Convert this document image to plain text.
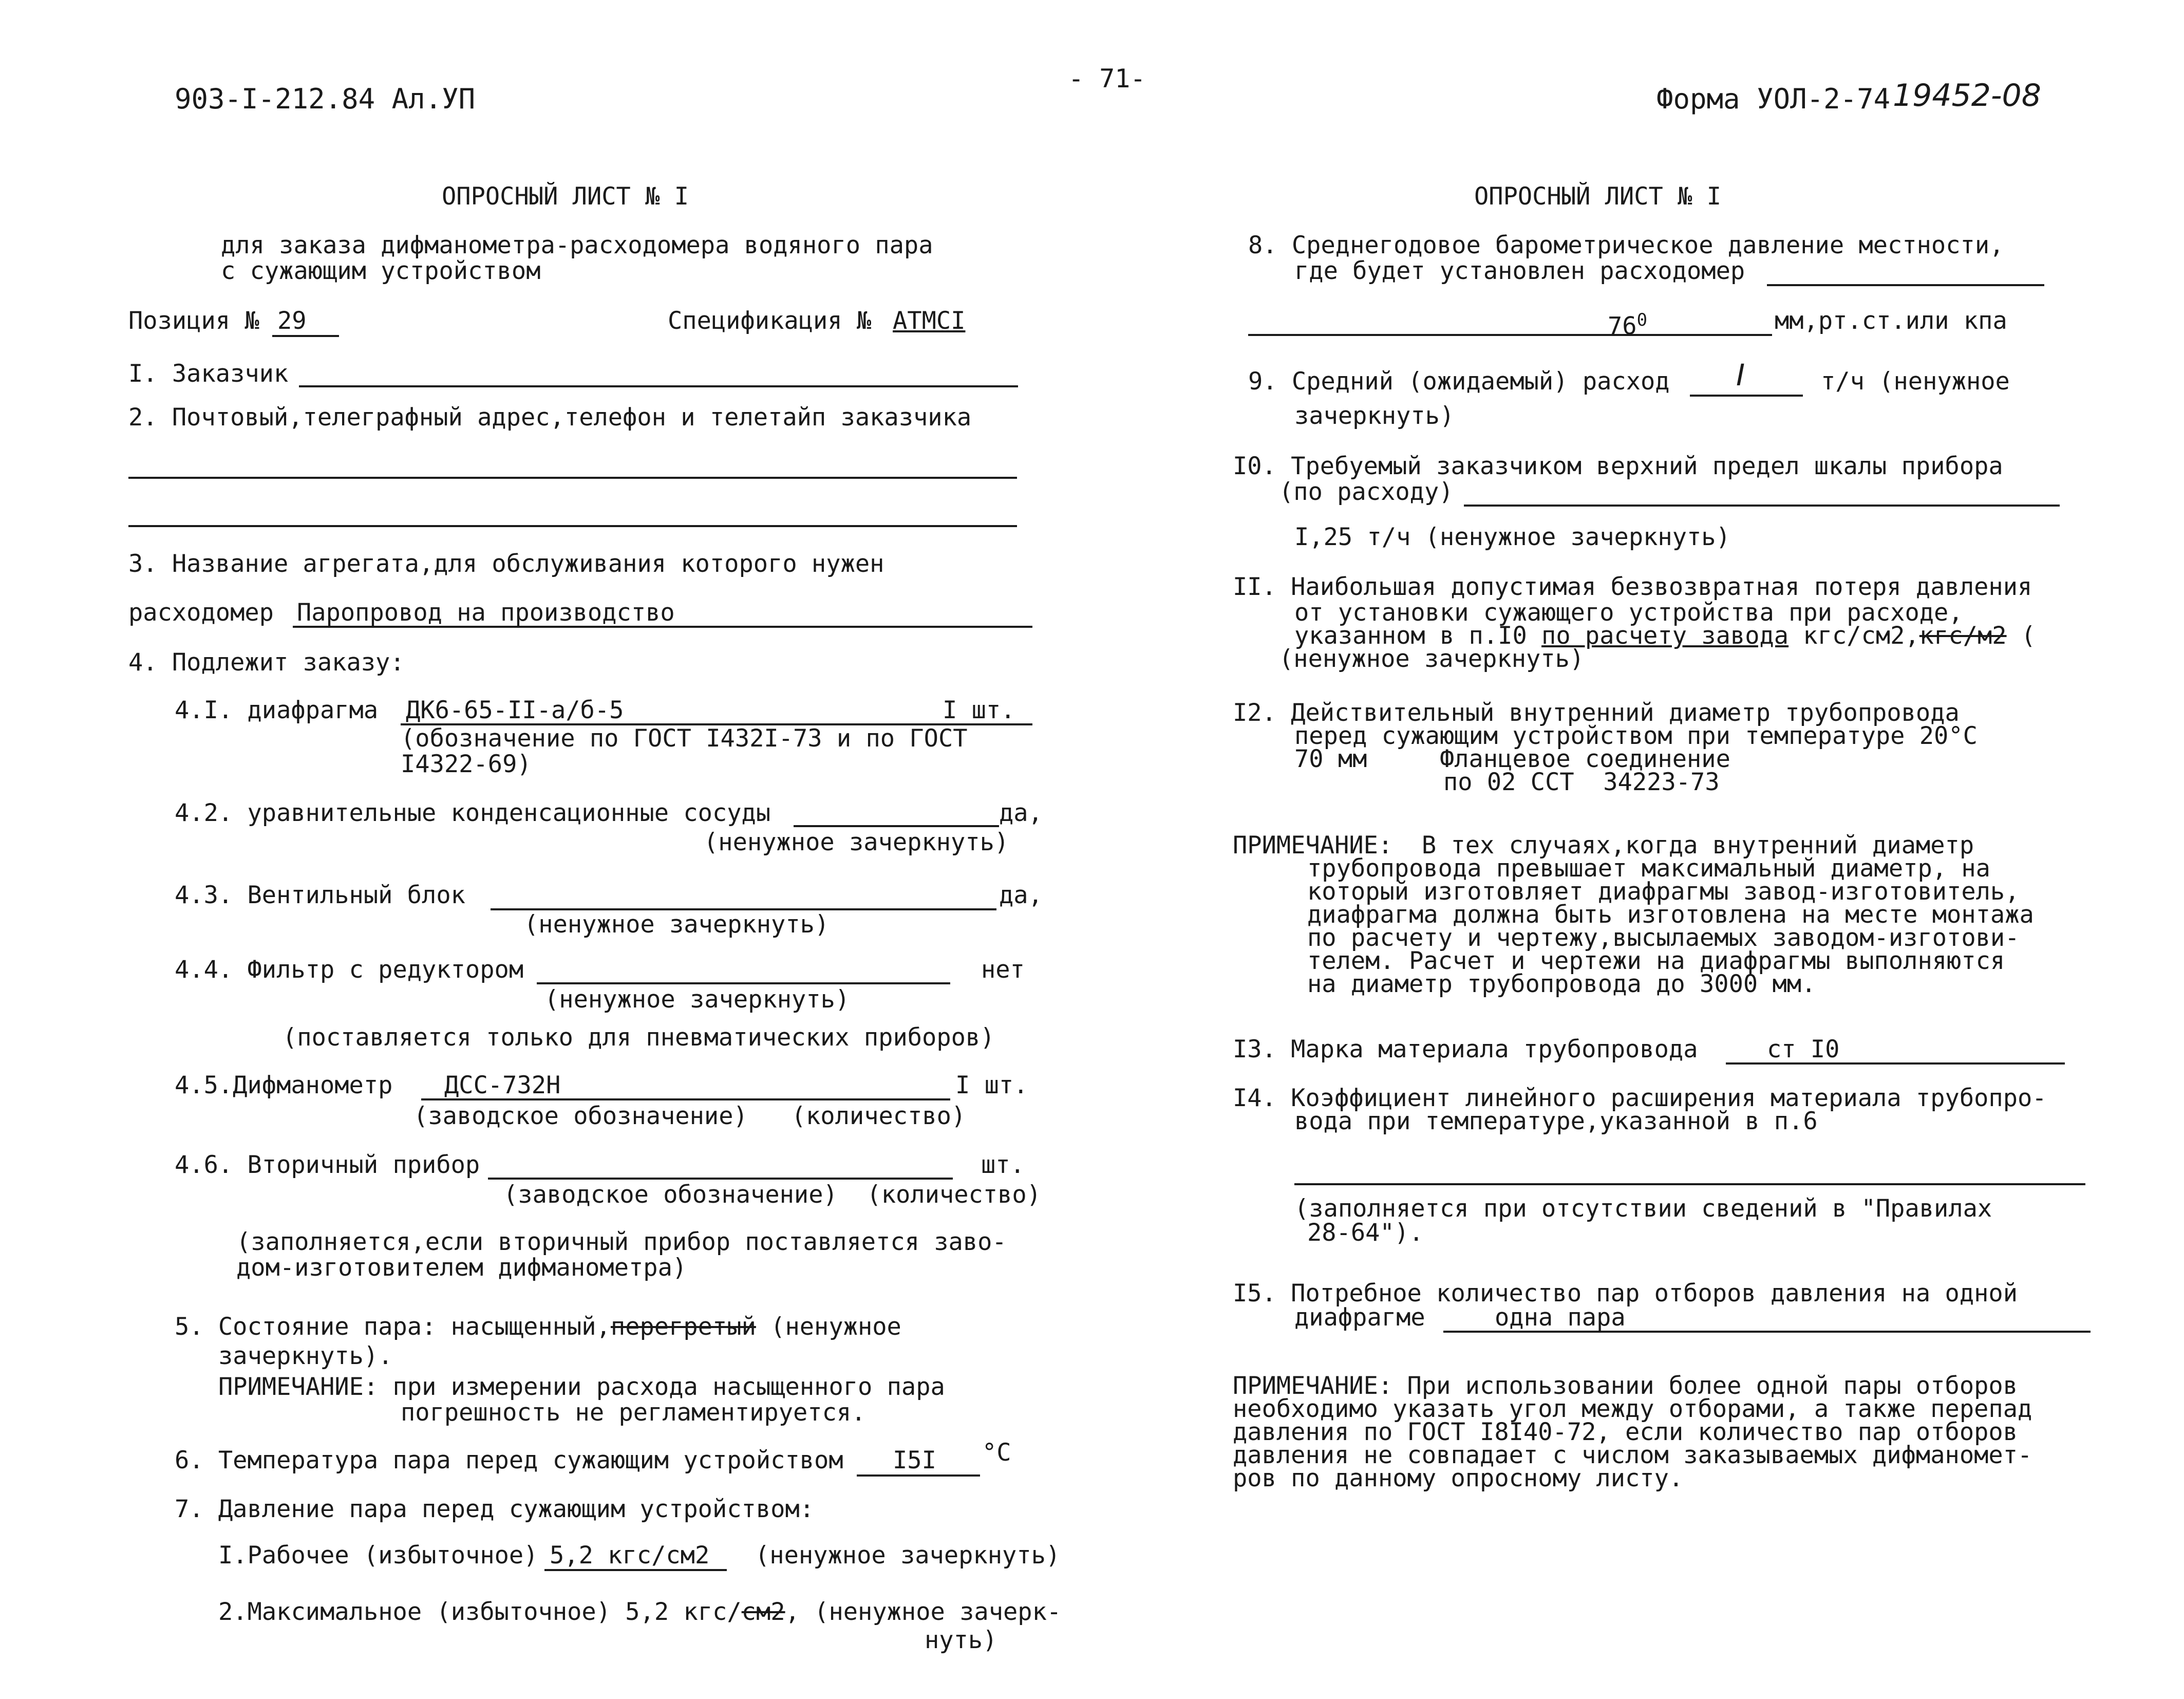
903-I-212.84 Ал.УП
- 71-
Форма УОЛ-2-74 19452-08
ОПРОСНЫЙ ЛИСТ № I
для заказа дифманометра-расходомера водяного пара
с сужающим устройством
Позиция № 29	Спецификация № АТМСI
I. Заказчик
2. Почтовый,телеграфный адрес,телефон и телетайп заказчика
3. Название агрегата,для обслуживания которого нужен
расходомер Паропровод на производство
4. Подлежит заказу:
4.I. диафрагма ДК6-65-II-а/б-5	I шт.
(обозначение по ГОСТ I432I-73 и по ГОСТ
I4322-69)
4.2. уравнительные конденсационные сосуды	да,
(ненужное зачеркнуть)
4.3. Вентильный блок	да,
(ненужное зачеркнуть)
4.4. Фильтр с редуктором	нет
(ненужное зачеркнуть)
(поставляется только для пневматических приборов)
4.5.Дифманометр ДСС-732Н	I шт.
(заводское обозначение)   (количество)
4.6. Вторичный прибор	шт.
(заводское обозначение)  (количество)
(заполняется,если вторичный прибор поставляется заво-
дом-изготовителем дифманометра)
5. Состояние пара: насыщенный,перегретый (ненужное
зачеркнуть).
ПРИМЕЧАНИЕ: при измерении расхода насыщенного пара
погрешность не регламентируется.
6. Температура пара перед сужающим устройством I5I °С
7. Давление пара перед сужающим устройством:
I.Рабочее (избыточное) 5,2 кгс/см2 (ненужное зачеркнуть)
2.Максимальное (избыточное) 5,2 кгс/см2, (ненужное зачерк-
нуть)
ОПРОСНЫЙ ЛИСТ № I
8. Среднегодовое барометрическое давление местности,
где будет установлен расходомер
$76^0$	мм,рт.ст.или кпа
9. Средний (ожидаемый) расход I	т/ч (ненужное
зачеркнуть)
I0. Требуемый заказчиком верхний предел шкалы прибора
(по расходу)
I,25 т/ч (ненужное зачеркнуть)
II. Наибольшая допустимая безвозвратная потеря давления
от установки сужающего устройства при расходе,
указанном в п.I0 по расчету завода кгс/см2,кгс/м2 (
(ненужное зачеркнуть)
I2. Действительный внутренний диаметр трубопровода
перед сужающим устройством при температуре 20°С
70 мм     Фланцевое соединение
по 02 ССТ  34223-73
ПРИМЕЧАНИЕ:  В тех случаях,когда внутренний диаметр
трубопровода превышает максимальный диаметр, на
который изготовляет диафрагмы завод-изготовитель,
диафрагма должна быть изготовлена на месте монтажа
по расчету и чертежу,высылаемых заводом-изготови-
телем. Расчет и чертежи на диафрагмы выполняются
на диаметр трубопровода до 3000 мм.
I3. Марка материала трубопровода	ст I0
I4. Коэффициент линейного расширения материала трубопро-
вода при температуре,указанной в п.6
(заполняется при отсутствии сведений в "Правилах
28-64").
I5. Потребное количество пар отборов давления на одной
диафрагме	одна пара
ПРИМЕЧАНИЕ: При использовании более одной пары отборов
необходимо указать угол между отборами, а также перепад
давления по ГОСТ I8I40-72, если количество пар отборов
давления не совпадает с числом заказываемых дифманомет-
ров по данному опросному листу.
